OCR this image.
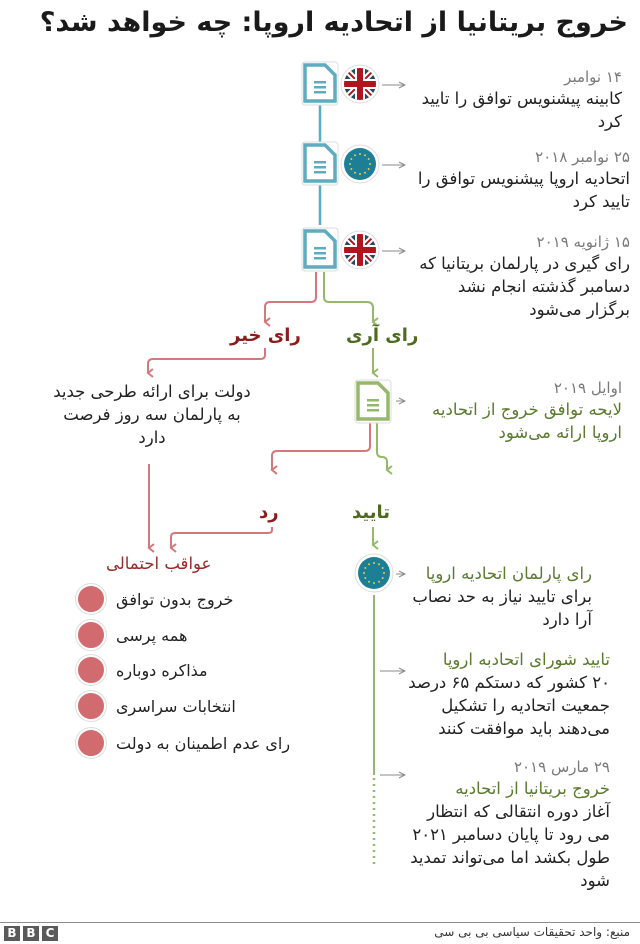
خروج بریتانیا از اتحادیه اروپا: چه خواهد شد؟
۱۴ نوامبر
کابینه پیشنویس توافق را تایید کرد
۲۵ نوامبر ۲۰۱۸
اتحادیه اروپا پیشنویس توافق را تایید کرد
۱۵ ژانویه ۲۰۱۹
رای گیری در پارلمان بریتانیا که دسامبر گذشته انجام نشد برگزار می‌شود
رای خیر	رای آری
دولت برای ارائه طرحی جدید به پارلمان سه روز فرصت دارد
اوایل ۲۰۱۹
لایحه توافق خروج از اتحادیه اروپا ارائه می‌شود
رد	تایید
عواقب احتمالی
خروج بدون توافق
همه پرسی
مذاکره دوباره
انتخابات سراسری
رای عدم اطمینان به دولت
رای پارلمان اتحادیه اروپا
برای تایید نیاز به حد نصاب آرا دارد
تایید شورای اتحادبه اروپا
۲۰ کشور که دستکم ۶۵ درصد جمعیت اتحادیه را تشکیل می‌دهند باید موافقت کنند
۲۹ مارس ۲۰۱۹
خروج بریتانیا از اتحادیه
آغاز دوره انتقالی که انتظار می رود تا پایان دسامبر ۲۰۲۱ طول بکشد اما می‌تواند تمدید شود
B B C	منبع: واحد تحقیقات سیاسی بی بی سی
